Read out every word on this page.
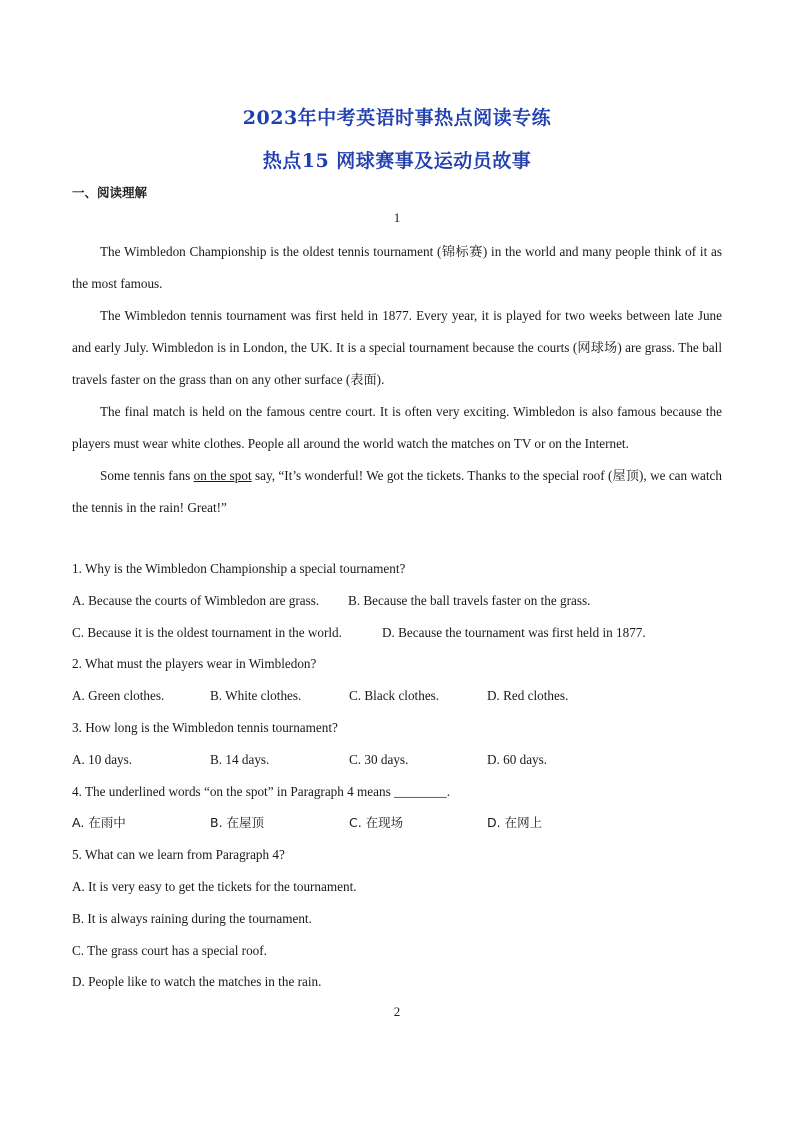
2023年中考英语时事热点阅读专练
热点15 网球赛事及运动员故事
一、阅读理解
1

The Wimbledon Championship is the oldest tennis tournament (锦标赛) in the world and many people think of it as the most famous.

The Wimbledon tennis tournament was first held in 1877. Every year, it is played for two weeks between late June and early July. Wimbledon is in London, the UK. It is a special tournament because the courts (网球场) are grass. The ball travels faster on the grass than on any other surface (表面).

The final match is held on the famous centre court. It is often very exciting. Wimbledon is also famous because the players must wear white clothes. People all around the world watch the matches on TV or on the Internet.

Some tennis fans on the spot say, “It’s wonderful! We got the tickets. Thanks to the special roof (屋顶), we can watch the tennis in the rain! Great!”

1. Why is the Wimbledon Championship a special tournament?
A. Because the courts of Wimbledon are grass. B. Because the ball travels faster on the grass.
C. Because it is the oldest tournament in the world.	D. Because the tournament was first held in 1877.
2. What must the players wear in Wimbledon?
A. Green clothes.	B. White clothes.	C. Black clothes.	D. Red clothes.
3. How long is the Wimbledon tennis tournament?
A. 10 days.	B. 14 days.	C. 30 days.	D. 60 days.
4. The underlined words “on the spot” in Paragraph 4 means ________.
A. 在雨中	B. 在屋顶	C. 在现场	D. 在网上
5. What can we learn from Paragraph 4?
A. It is very easy to get the tickets for the tournament.
B. It is always raining during the tournament.
C. The grass court has a special roof.
D. People like to watch the matches in the rain.
2
